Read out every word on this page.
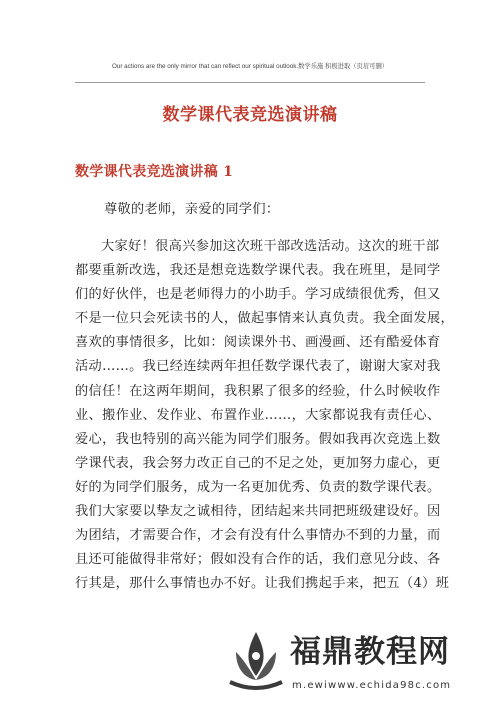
Our actions are the only mirror that can reflect our spiritual outlook.数学乐施 积极进取（页眉可删）
数学课代表竞选演讲稿
数学课代表竞选演讲稿 1
尊敬的老师，亲爱的同学们：
大家好！很高兴参加这次班干部改选活动。这次的班干部
都要重新改选，我还是想竞选数学课代表。我在班里，是同学
们的好伙伴，也是老师得力的小助手。学习成绩很优秀，但又
不是一位只会死读书的人，做起事情来认真负责。我全面发展，
喜欢的事情很多，比如：阅读课外书、画漫画、还有酷爱体育
活动……。我已经连续两年担任数学课代表了，谢谢大家对我
的信任！在这两年期间，我积累了很多的经验，什么时候收作
业、搬作业、发作业、布置作业……，大家都说我有责任心、
爱心，我也特别的高兴能为同学们服务。假如我再次竞选上数
学课代表，我会努力改正自己的不足之处，更加努力虚心，更
好的为同学们服务，成为一名更加优秀、负责的数学课代表。
我们大家要以挚友之诚相待，团结起来共同把班级建设好。因
为团结，才需要合作，才会有没有什么事情办不到的力量，而
且还可能做得非常好；假如没有合作的话，我们意见分歧、各
行其是，那什么事情也办不好。让我们携起手来，把五（4）班
福鼎教程网
m.ewiwww.echida98c.com
